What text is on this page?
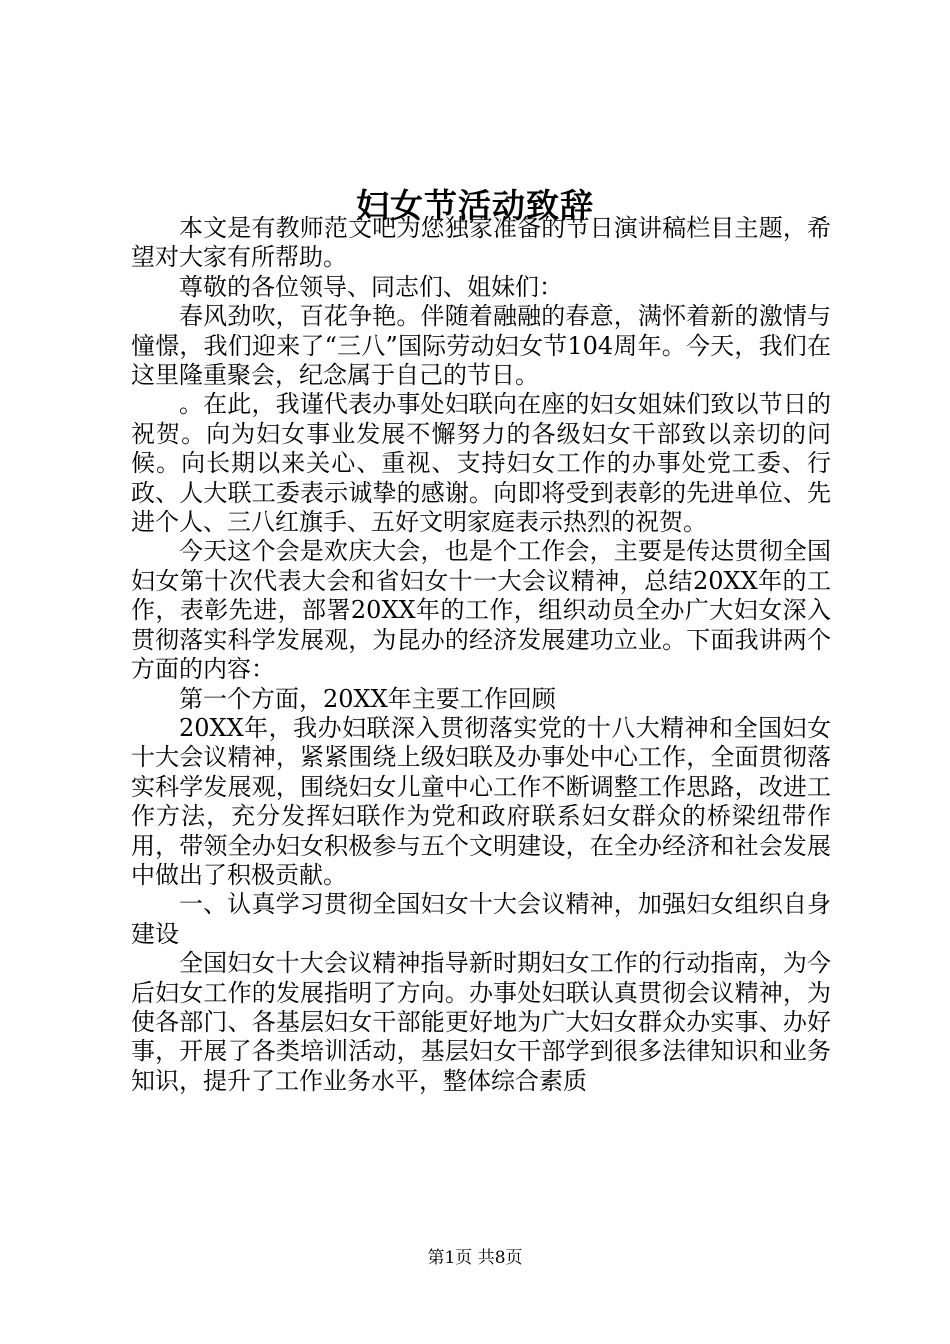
妇女节活动致辞

本文是有教师范文吧为您独家准备的节日演讲稿栏目主题，希望对大家有所帮助。

尊敬的各位领导、同志们、姐妹们：

春风劲吹，百花争艳。伴随着融融的春意，满怀着新的激情与憧憬，我们迎来了“三八”国际劳动妇女节104周年。今天，我们在这里隆重聚会，纪念属于自己的节日。

。在此，我谨代表办事处妇联向在座的妇女姐妹们致以节日的祝贺。向为妇女事业发展不懈努力的各级妇女干部致以亲切的问候。向长期以来关心、重视、支持妇女工作的办事处党工委、行政、人大联工委表示诚挚的感谢。向即将受到表彰的先进单位、先进个人、三八红旗手、五好文明家庭表示热烈的祝贺。

今天这个会是欢庆大会，也是个工作会，主要是传达贯彻全国妇女第十次代表大会和省妇女十一大会议精神，总结20XX年的工作，表彰先进，部署20XX年的工作，组织动员全办广大妇女深入贯彻落实科学发展观，为昆办的经济发展建功立业。下面我讲两个方面的内容：

第一个方面，20XX年主要工作回顾

20XX年，我办妇联深入贯彻落实党的十八大精神和全国妇女十大会议精神，紧紧围绕上级妇联及办事处中心工作，全面贯彻落实科学发展观，围绕妇女儿童中心工作不断调整工作思路，改进工作方法，充分发挥妇联作为党和政府联系妇女群众的桥梁纽带作用，带领全办妇女积极参与五个文明建设，在全办经济和社会发展中做出了积极贡献。

一、认真学习贯彻全国妇女十大会议精神，加强妇女组织自身建设

全国妇女十大会议精神指导新时期妇女工作的行动指南，为今后妇女工作的发展指明了方向。办事处妇联认真贯彻会议精神，为使各部门、各基层妇女干部能更好地为广大妇女群众办实事、办好事，开展了各类培训活动，基层妇女干部学到很多法律知识和业务知识，提升了工作业务水平，整体综合素质

第1页 共8页
